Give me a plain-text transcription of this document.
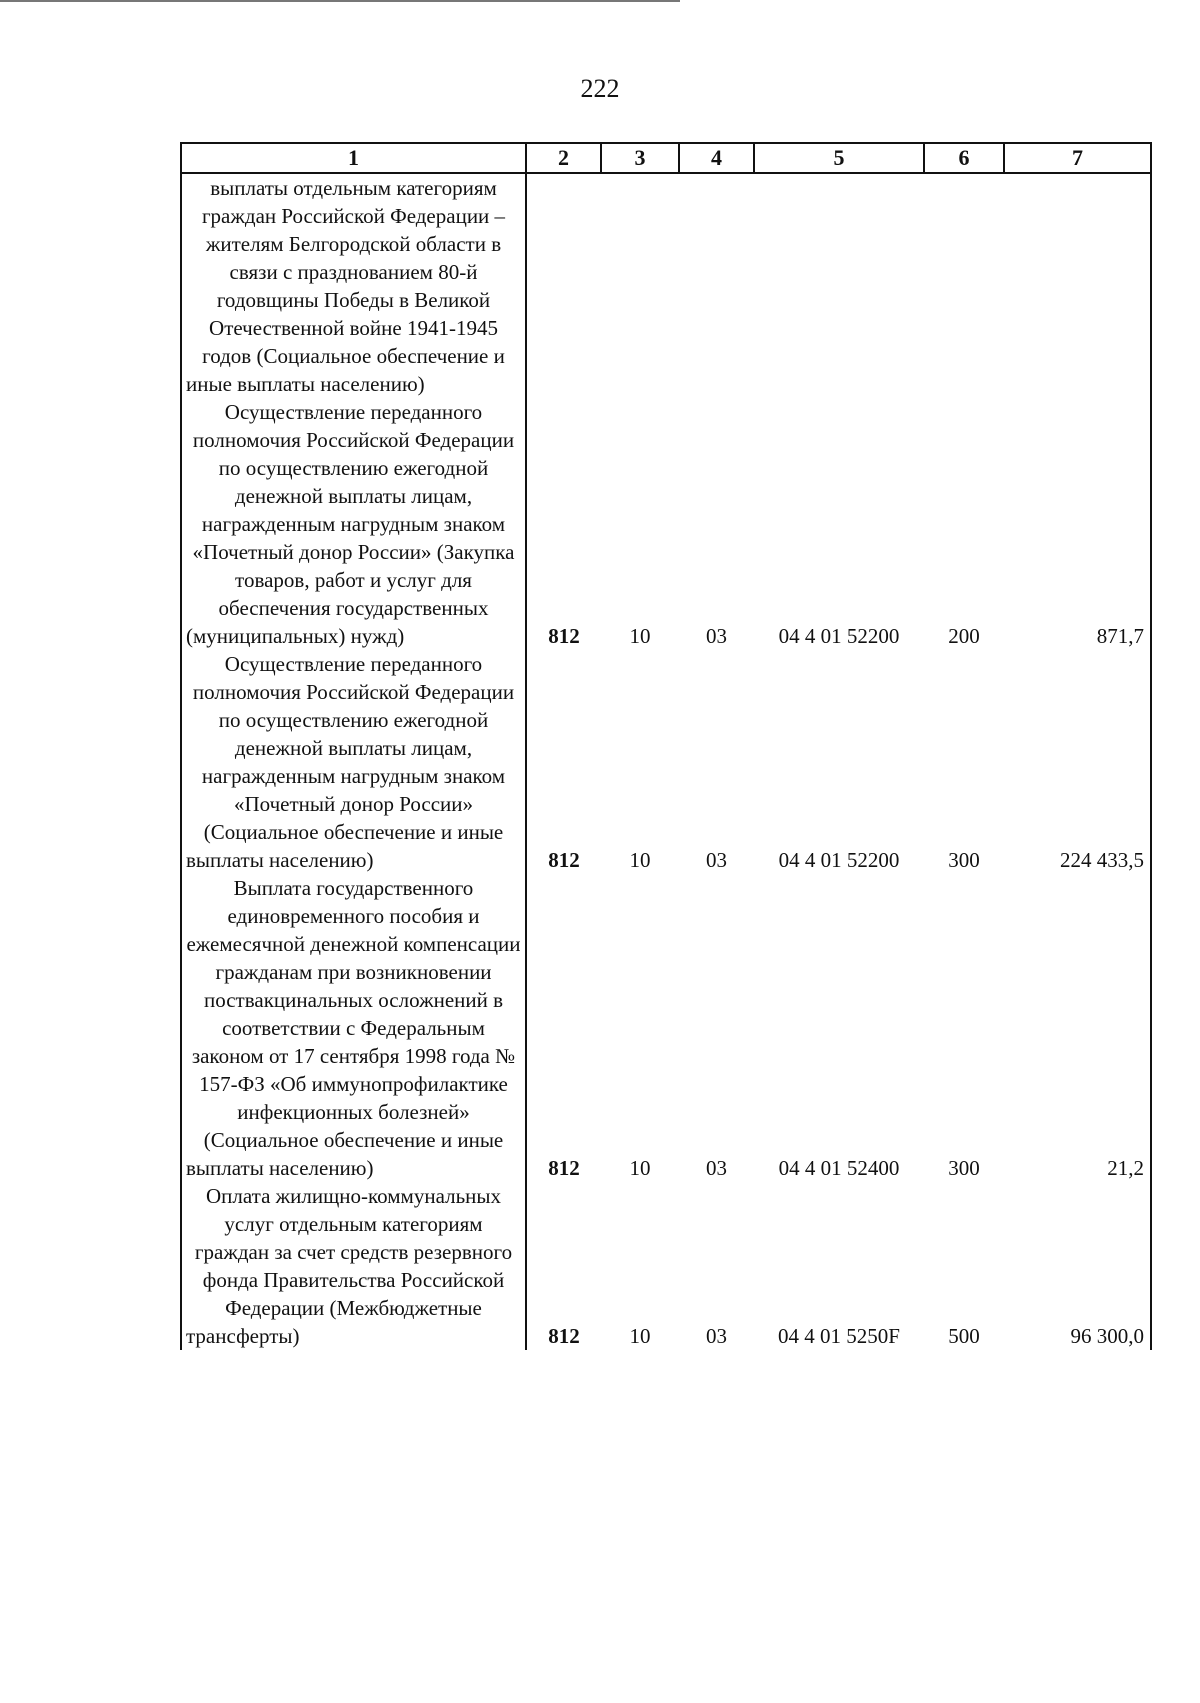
222
1	2	3	4	5	6	7
выплаты отдельным категориям граждан Российской Федерации – жителям Белгородской области в связи с празднованием 80-й годовщины Победы в Великой Отечественной войне 1941-1945 годов (Социальное обеспечение и иные выплаты населению)						
Осуществление переданного полномочия Российской Федерации по осуществлению ежегодной денежной выплаты лицам, награжденным нагрудным знаком «Почетный донор России» (Закупка товаров, работ и услуг для обеспечения государственных (муниципальных) нужд)	812	10	03	04 4 01 52200	200	871,7
Осуществление переданного полномочия Российской Федерации по осуществлению ежегодной денежной выплаты лицам, награжденным нагрудным знаком «Почетный донор России» (Социальное обеспечение и иные выплаты населению)	812	10	03	04 4 01 52200	300	224 433,5
Выплата государственного единовременного пособия и ежемесячной денежной компенсации гражданам при возникновении поствакцинальных осложнений в соответствии с Федеральным законом от 17 сентября 1998 года № 157-ФЗ «Об иммунопрофилактике инфекционных болезней» (Социальное обеспечение и иные выплаты населению)	812	10	03	04 4 01 52400	300	21,2
Оплата жилищно-коммунальных услуг отдельным категориям граждан за счет средств резервного фонда Правительства Российской Федерации (Межбюджетные трансферты)	812	10	03	04 4 01 5250F	500	96 300,0
